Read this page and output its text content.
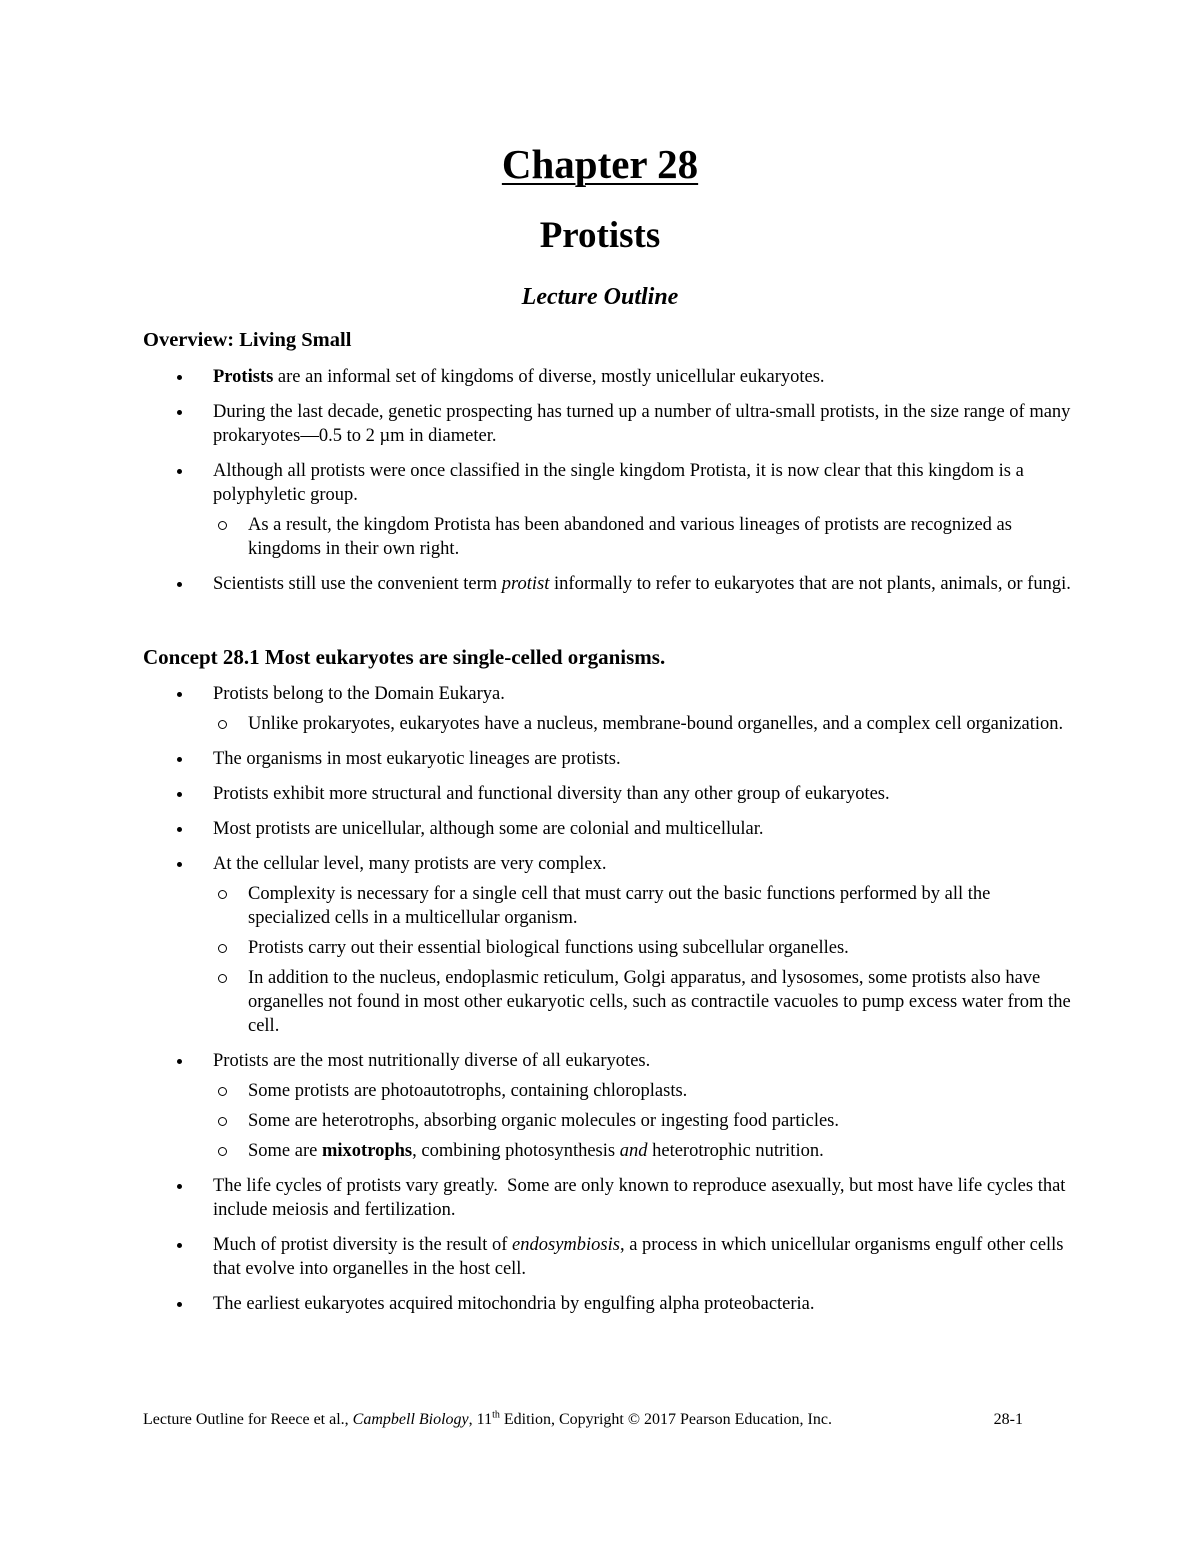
Chapter 28
Protists
Lecture Outline
Overview: Living Small
Protists are an informal set of kingdoms of diverse, mostly unicellular eukaryotes.
During the last decade, genetic prospecting has turned up a number of ultra-small protists, in the size range of many prokaryotes—0.5 to 2 µm in diameter.
Although all protists were once classified in the single kingdom Protista, it is now clear that this kingdom is a polyphyletic group.
As a result, the kingdom Protista has been abandoned and various lineages of protists are recognized as kingdoms in their own right.
Scientists still use the convenient term protist informally to refer to eukaryotes that are not plants, animals, or fungi.
Concept 28.1 Most eukaryotes are single-celled organisms.
Protists belong to the Domain Eukarya.
Unlike prokaryotes, eukaryotes have a nucleus, membrane-bound organelles, and a complex cell organization.
The organisms in most eukaryotic lineages are protists.
Protists exhibit more structural and functional diversity than any other group of eukaryotes.
Most protists are unicellular, although some are colonial and multicellular.
At the cellular level, many protists are very complex.
Complexity is necessary for a single cell that must carry out the basic functions performed by all the specialized cells in a multicellular organism.
Protists carry out their essential biological functions using subcellular organelles.
In addition to the nucleus, endoplasmic reticulum, Golgi apparatus, and lysosomes, some protists also have organelles not found in most other eukaryotic cells, such as contractile vacuoles to pump excess water from the cell.
Protists are the most nutritionally diverse of all eukaryotes.
Some protists are photoautotrophs, containing chloroplasts.
Some are heterotrophs, absorbing organic molecules or ingesting food particles.
Some are mixotrophs, combining photosynthesis and heterotrophic nutrition.
The life cycles of protists vary greatly.  Some are only known to reproduce asexually, but most have life cycles that include meiosis and fertilization.
Much of protist diversity is the result of endosymbiosis, a process in which unicellular organisms engulf other cells that evolve into organelles in the host cell.
The earliest eukaryotes acquired mitochondria by engulfing alpha proteobacteria.
Lecture Outline for Reece et al., Campbell Biology, 11th Edition, Copyright © 2017 Pearson Education, Inc.	28-1
